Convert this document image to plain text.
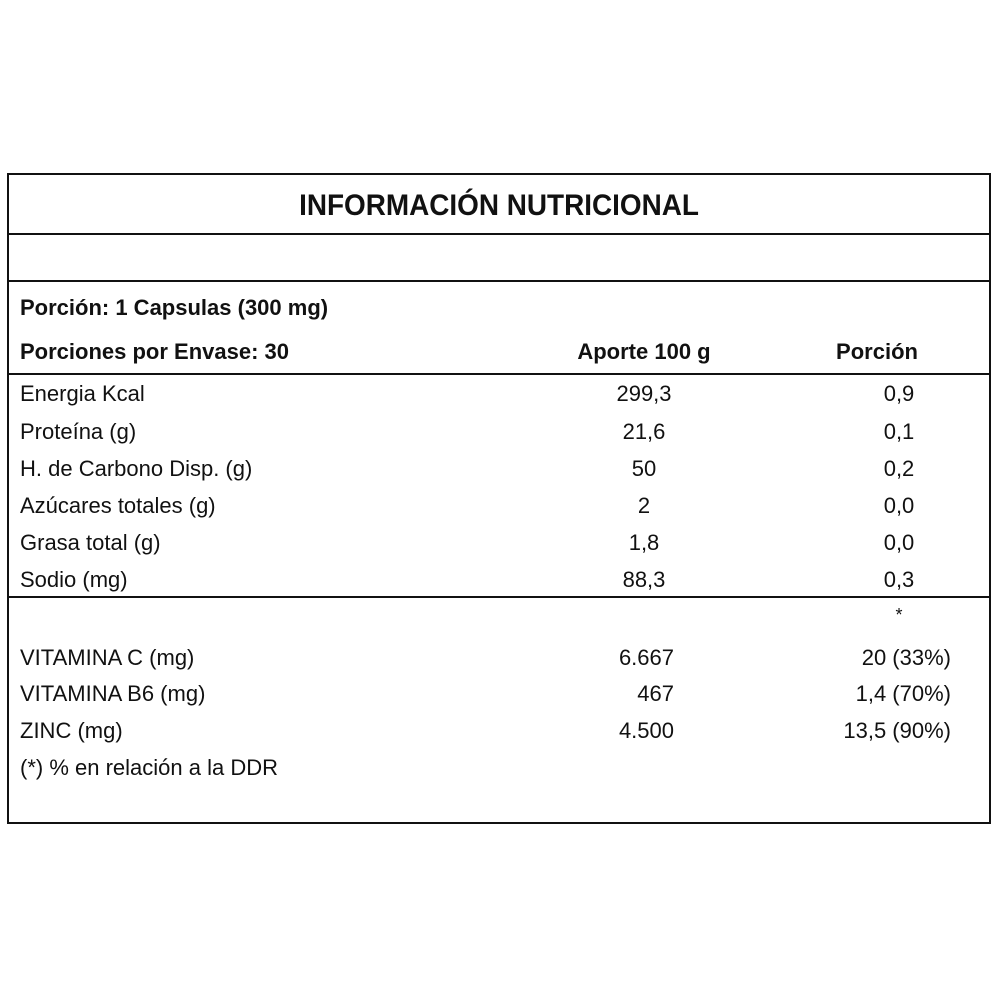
INFORMACIÓN NUTRICIONAL
Porción: 1 Capsulas (300 mg)
Porciones por Envase: 30	Aporte 100 g	Porción
Energia Kcal	299,3	0,9
Proteína (g)	21,6	0,1
H. de Carbono Disp. (g)	50	0,2
Azúcares totales (g)	2	0,0
Grasa total (g)	1,8	0,0
Sodio (mg)	88,3	0,3
*
VITAMINA C (mg)	6.667	20 (33%)
VITAMINA B6 (mg)	467	1,4 (70%)
ZINC (mg)	4.500	13,5 (90%)
(*) % en relación a la DDR
